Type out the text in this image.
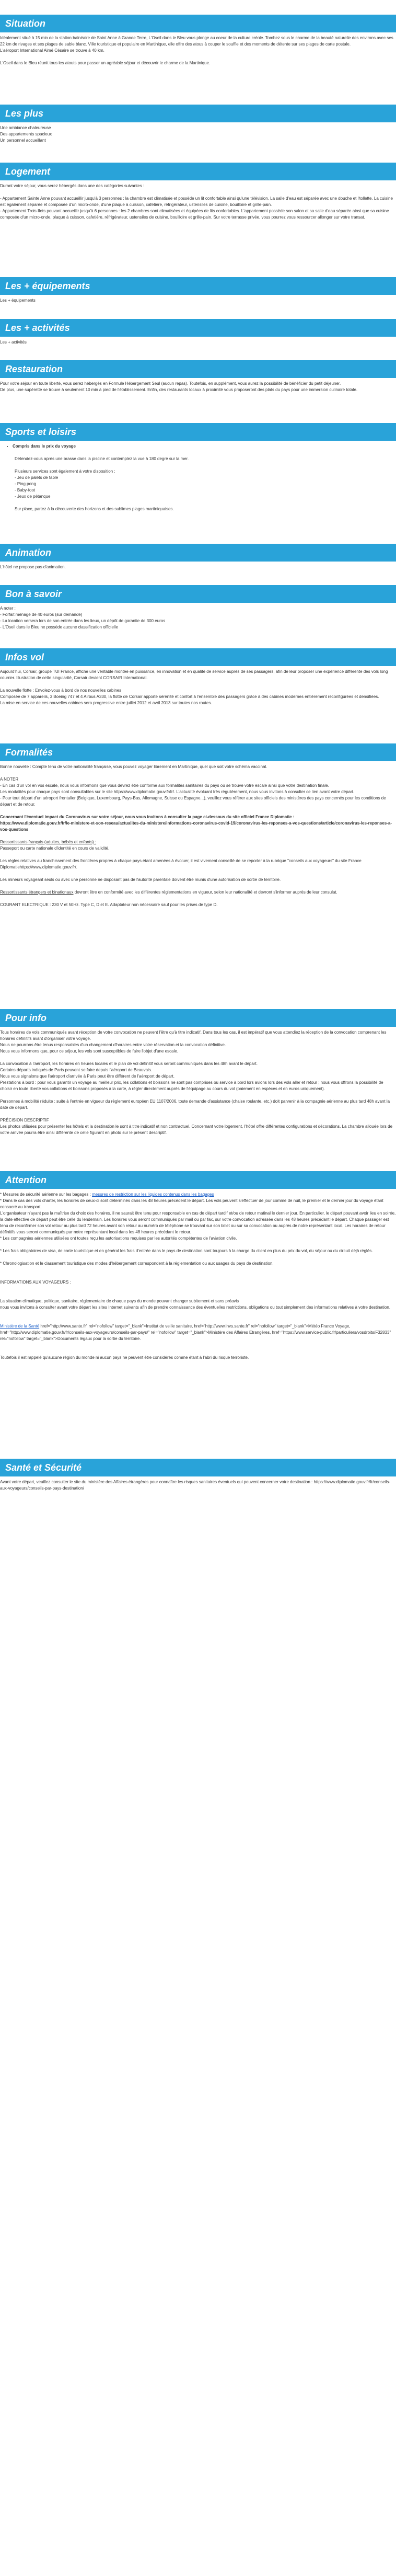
Situation
Idéalement situé à 15 min de la station balnéaire de Saint Anne à Grande Terre, L'Oseil dans le Bleu vous plonge au coeur de la culture créole. Tombez sous le charme de la beauté naturelle des environs avec ses 22 km de rivages et ses plages de sable blanc. Ville touristique et populaire en Martinique, elle offre des atous à couper le souffle et des moments de détente sur ses plages de carte postale.
L'aéroport International Aimé Césaire se trouve à 40 km.
L'Oseil dans le Bleu réunit tous les atouts pour passer un agréable séjour et découvrir le charme de la Martinique.
Les plus
Une ambiance chaleureuse
Des appartements spacieux
Un personnel accueillant
Logement
Durant votre séjour, vous serez hébergés dans une des catégories suivantes :
- Appartement Sainte Anne pouvant accueillir jusqu'à 3 personnes : la chambre est climatisée et possède un lit confortable ainsi qu'une télévision. La salle d'eau est séparée avec une douche et l'tollette. La cuisine est également séparée et composée d'un micro-onde, d'une plaque à cuisson, cafetière, réfrigérateur, ustensiles de cuisine, bouilloire et grille-pain.
- Appartement Trois-îlets pouvant accueillir jusqu'à 6 personnes : les 2 chambres sont climatisées et équipées de lits confortables. L'appartement possède son salon et sa salle d'eau séparée ainsi que sa cuisine composée d'un micro-onde, plaque à cuisson, cafetière, réfrigérateur, ustensiles de cuisine, bouilloire et grille-pain. Sur votre terrasse privée, vous pourrez vous ressourcer allonger sur votre transat.
Les + équipements
Les + équipements
Les + activités
Les + activités
Restauration
Pour votre séjour en toute liberté, vous serez hébergés en Formule Hébergement Seul (aucun repas). Toutefois, en supplément, vous aurez la possibilité de bénéficier du petit déjeuner.
De plus, une supérette se trouve à seulement 10 min à pied de l'établissement. Enfin, des restaurants locaux à proximité vous proposeront des plats du pays pour une immersion culinaire totale.
Sports et loisirs
• Compris dans le prix du voyage
Détendez-vous après une brasse dans la piscine et contemplez la vue à 180 degré sur la mer.
Plusieurs services sont également à votre disposition :
- Jeu de palets de table
- Ping pong
- Baby-foot
- Jeux de pétanque
Sur place, partez à la découverte des horizons et des sublimes plages martiniquaises.
Animation
L'hôtel ne propose pas d'animation.
Bon à savoir
A noter :
- Forfait ménage de 40 euros (sur demande)
- La location versera lors de son entrée dans les lieux, un dépôt de garantie de 300 euros
- L'Oseil dans le Bleu ne possède aucune classification officielle
Infos vol
Aujourd'hui, Corsair, groupe TUI France, affiche une véritable montée en puissance, en innovation et en qualité de service auprès de ses passagers, afin de leur proposer une expérience différente des vols long courrier. Illustration de cette singularité, Corsair devient CORSAIR International.
La nouvelle flotte : Envolez-vous à bord de nos nouvelles cabines
Composée de 7 appareils, 3 Boeing 747 et 4 Airbus A330, la flotte de Corsair apporte sérénité et confort à l'ensemble des passagers grâce à des cabines modernes entièrement reconfigurées et densifiées.
La mise en service de ces nouvelles cabines sera progressive entre juillet 2012 et avril 2013 sur toutes nos routes.
Formalités
Bonne nouvelle : Compte tenu de votre nationalité française, vous pouvez voyager librement en Martinique, quel que soit votre schéma vaccinal.
A NOTER
- En cas d'un vol en vos escale, nous vous informons que vous devrez être conforme aux formalités sanitaires du pays où se trouve votre escale ainsi que votre destination finale.
Les modalités pour chaque pays sont consultables sur le site https://www.diplomatie.gouv.fr/fr/. L'actualité évoluant très régulièrement, nous vous invitons à consulter ce lien avant votre départ.
- Pour tout départ d'un aéroport frontalier (Belgique, Luxembourg, Pays-Bas, Allemagne, Suisse ou Espagne...), veuillez vous référer aux sites officiels des ministères des pays concernés pour les conditions de départ et de retour.
Concernant l'éventuel impact du Coronavirus sur votre séjour, nous vous invitons à consulter la page ci-dessous du site officiel France Diplomatie :
https://www.diplomatie.gouv.fr/fr/le-ministere-et-son-reseau/actualites-du-ministere/informations-coronavirus-covid-19/coronavirus-les-reponses-a-vos-questions/article/coronavirus-les-reponses-a-vos-questions
Ressortissants français (adultes, bébés et enfants) :
Passeport ou carte nationale d'identité en cours de validité.
Les règles relatives au franchissement des frontières propres à chaque pays étant amenées à évoluer, il est vivement conseillé de se reporter à la rubrique "conseils aux voyageurs" du site France Diplomatiehttps://www.diplomatie.gouv.fr/.
Les mineurs voyageant seuls ou avec une personne ne disposant pas de l'autorité parentale doivent être munis d'une autorisation de sortie de territoire.
Ressortissants étrangers et binationaux devront être en conformité avec les différentes réglementations en vigueur, selon leur nationalité et devront s'informer auprès de leur consulat.
COURANT ELECTRIQUE : 230 V et 50Hz. Type C, D et E. Adaptateur non nécessaire sauf pour les prises de type D.
Pour info
Tous horaires de vols communiqués avant réception de votre convocation ne peuvent l'être qu'à titre indicatif. Dans tous les cas, il est impératif que vous attendiez la réception de la convocation comprenant les horaires définitifs avant d'organiser votre voyage.
Nous ne pourrons être tenus responsables d'un changement d'horaires entre votre réservation et la convocation définitive.
Nous vous informons que, pour ce séjour, les vols sont susceptibles de faire l'objet d'une escale.
La convocation à l'aéroport, les horaires en heures locales et le plan de vol définitif vous seront communiqués dans les 48h avant le départ.
Certains départs indiqués de Paris peuvent se faire depuis l'aéroport de Beauvais.
Nous vous signalons que l'aéroport d'arrivée à Paris peut être différent de l'aéroport de départ.
Prestations à bord : pour vous garantir un voyage au meilleur prix, les collations et boissons ne sont pas comprises ou service à bord lors avions lors des vols aller et retour ; nous vous offrons la possibilité de choisir en toute liberté vos collations et boissons proposés à la carte, à régler directement auprès de l'équipage au cours du vol (paiement en espèces et en euros uniquement).
Personnes à mobilité réduite : suite à l'entrée en vigueur du règlement européen EU 1107/2006, toute demande d'assistance (chaise roulante, etc.) doit parvenir à la compagnie aérienne au plus tard 48h avant la date de départ.
PRÉCISION DESCRIPTIF
Les photos utilisées pour présenter les hôtels et la destination le sont à titre indicatif et non contractuel. Concernant votre logement, l'hôtel offre différentes configurations et décorations. La chambre allouée lors de votre arrivée pourra être ainsi différente de celle figurant en photo sur le présent descriptif.
Attention
* Mesures de sécurité aérienne sur les bagages : mesures de restriction sur les liquides contenus dans les bagages
* Dans le cas des vols charter, les horaires de ceux-ci sont déterminés dans les 48 heures précédent le départ. Les vols peuvent s'effectuer de jour comme de nuit, le premier et le dernier jour du voyage étant consacré au transport.
L'organisateur n'ayant pas la maîtrise du choix des horaires, il ne saurait être tenu pour responsable en cas de départ tardif et/ou de retour matinal le dernier jour. En particulier, le départ pouvant avoir lieu en soirée, la date effective de départ peut être celle du lendemain. Les horaires vous seront communiqués par mail ou par fax, sur votre convocation adressée dans les 48 heures précédant le départ. Chaque passager est tenu de reconfirmer son vol retour au plus tard 72 heures avant son retour au numéro de téléphone se trouvant sur son billet ou sur sa convocation ou auprès de notre représentant local. Les horaires de retour définitifs vous seront communiqués par notre représentant local dans les 48 heures précédant le retour.
* Les compagnies aériennes utilisées ont toutes reçu les autorisations requises par les autorités compétentes de l'aviation civile.
* Les frais obligatoires de visa, de carte touristique et en général les frais d'entrée dans le pays de destination sont toujours à la charge du client en plus du prix du vol, du séjour ou du circuit déjà réglés.
* Chronologisation et le classement touristique des modes d'hébergement correspondent à la réglementation ou aux usages du pays de destination.
INFORMATIONS AUX VOYAGEURS :
La situation climatique, politique, sanitaire, réglementaire de chaque pays du monde pouvant changer subitement et sans préavis
nous vous invitons à consulter avant votre départ les sites Internet suivants afin de prendre connaissance des éventuelles restrictions, obligations ou tout simplement des informations relatives à votre destination.
Ministère de la Santé href="http://www.sante.fr" rel="nofollow" target="_blank">Institut de veille sanitaire, href="http://www.invs.sante.fr" rel="nofollow" target="_blank">Météo France Voyage, href="http://www.diplomatie.gouv.fr/fr/conseils-aux-voyageurs/conseils-par-pays/" rel="nofollow" target="_blank">Ministère des Affaires Etrangères, href="https://www.service-public.fr/particuliers/vosdroits/F32833" rel="nofollow" target="_blank">Documents légaux pour la sortie du territoire.
Toutefois il est rappelé qu'aucune région du monde ni aucun pays ne peuvent être considérés comme étant à l'abri du risque terroriste.
Santé et Sécurité
Avant votre départ, veuillez consulter le site du ministère des Affaires étrangères pour connaître les risques sanitaires éventuels qui peuvent concerner votre destination : https://www.diplomatie.gouv.fr/fr/conseils-aux-voyageurs/conseils-par-pays-destination/
